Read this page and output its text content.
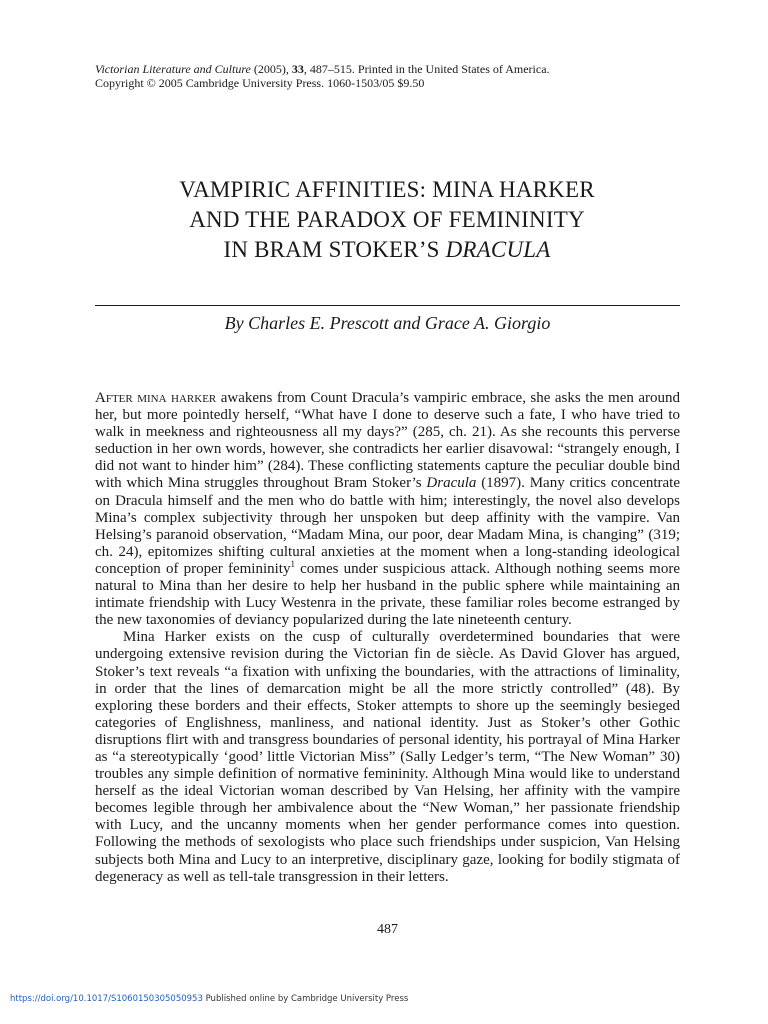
Victorian Literature and Culture (2005), 33, 487–515. Printed in the United States of America.
Copyright © 2005 Cambridge University Press. 1060-1503/05 $9.50
VAMPIRIC AFFINITIES: MINA HARKER
AND THE PARADOX OF FEMININITY
IN BRAM STOKER’S DRACULA
By Charles E. Prescott and Grace A. Giorgio

After mina harker awakens from Count Dracula’s vampiric embrace, she asks the men around her, but more pointedly herself, “What have I done to deserve such a fate, I who have tried to walk in meekness and righteousness all my days?” (285, ch. 21). As she recounts this perverse seduction in her own words, however, she contradicts her earlier disavowal: “strangely enough, I did not want to hinder him” (284). These conflicting statements capture the peculiar double bind with which Mina struggles throughout Bram Stoker’s Dracula (1897). Many critics concentrate on Dracula himself and the men who do battle with him; interestingly, the novel also develops Mina’s complex subjectivity through her unspoken but deep affinity with the vampire. Van Helsing’s paranoid observation, “Madam Mina, our poor, dear Madam Mina, is changing” (319; ch. 24), epitomizes shifting cultural anxieties at the moment when a long-standing ideological conception of proper femininity$^1$ comes under suspicious attack. Although nothing seems more natural to Mina than her desire to help her husband in the public sphere while maintaining an intimate friendship with Lucy Westenra in the private, these familiar roles become estranged by the new taxonomies of deviancy popularized during the late nineteenth century.

Mina Harker exists on the cusp of culturally overdetermined boundaries that were undergoing extensive revision during the Victorian fin de siècle. As David Glover has argued, Stoker’s text reveals “a fixation with unfixing the boundaries, with the attractions of liminality, in order that the lines of demarcation might be all the more strictly controlled” (48). By exploring these borders and their effects, Stoker attempts to shore up the seemingly besieged categories of Englishness, manliness, and national identity. Just as Stoker’s other Gothic disruptions flirt with and transgress boundaries of personal identity, his portrayal of Mina Harker as “a stereotypically ‘good’ little Victorian Miss” (Sally Ledger’s term, “The New Woman” 30) troubles any simple definition of normative femininity. Although Mina would like to understand herself as the ideal Victorian woman described by Van Helsing, her affinity with the vampire becomes legible through her ambivalence about the “New Woman,” her passionate friendship with Lucy, and the uncanny moments when her gender performance comes into question. Following the methods of sexologists who place such friendships under suspicion, Van Helsing subjects both Mina and Lucy to an interpretive, disciplinary gaze, looking for bodily stigmata of degeneracy as well as tell-tale transgression in their letters.

487
https://doi.org/10.1017/S1060150305050953 Published online by Cambridge University Press
